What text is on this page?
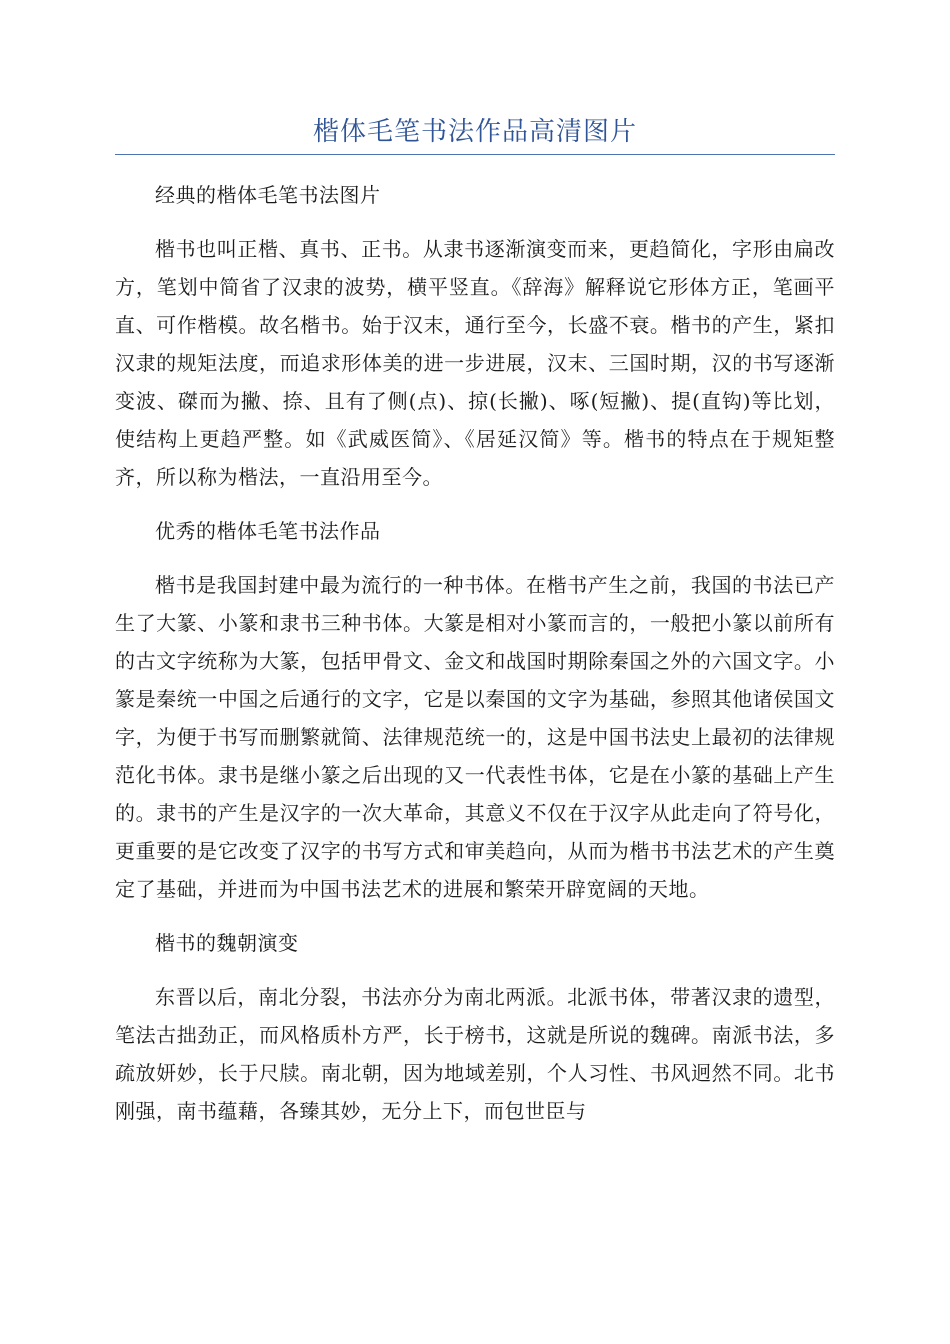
楷体毛笔书法作品高清图片

经典的楷体毛笔书法图片

楷书也叫正楷、真书、正书。从隶书逐渐演变而来，更趋简化，字形由扁改方，笔划中简省了汉隶的波势，横平竖直。《辞海》解释说它形体方正，笔画平直、可作楷模。故名楷书。始于汉末，通行至今，长盛不衰。楷书的产生，紧扣汉隶的规矩法度，而追求形体美的进一步进展，汉末、三国时期，汉的书写逐渐变波、磔而为撇、捺、且有了侧(点)、掠(长撇)、啄(短撇)、提(直钩)等比划，使结构上更趋严整。如《武威医简》、《居延汉简》等。楷书的特点在于规矩整齐，所以称为楷法，一直沿用至今。

优秀的楷体毛笔书法作品

楷书是我国封建中最为流行的一种书体。在楷书产生之前，我国的书法已产生了大篆、小篆和隶书三种书体。大篆是相对小篆而言的，一般把小篆以前所有的古文字统称为大篆，包括甲骨文、金文和战国时期除秦国之外的六国文字。小篆是秦统一中国之后通行的文字，它是以秦国的文字为基础，参照其他诸侯国文字，为便于书写而删繁就简、法律规范统一的，这是中国书法史上最初的法律规范化书体。隶书是继小篆之后出现的又一代表性书体，它是在小篆的基础上产生的。隶书的产生是汉字的一次大革命，其意义不仅在于汉字从此走向了符号化，更重要的是它改变了汉字的书写方式和审美趋向，从而为楷书书法艺术的产生奠定了基础，并进而为中国书法艺术的进展和繁荣开辟宽阔的天地。

楷书的魏朝演变

东晋以后，南北分裂，书法亦分为南北两派。北派书体，带著汉隶的遗型，笔法古拙劲正，而风格质朴方严，长于榜书，这就是所说的魏碑。南派书法，多疏放妍妙，长于尺牍。南北朝，因为地域差别，个人习性、书风迥然不同。北书刚强，南书蕴藉，各臻其妙，无分上下，而包世臣与
